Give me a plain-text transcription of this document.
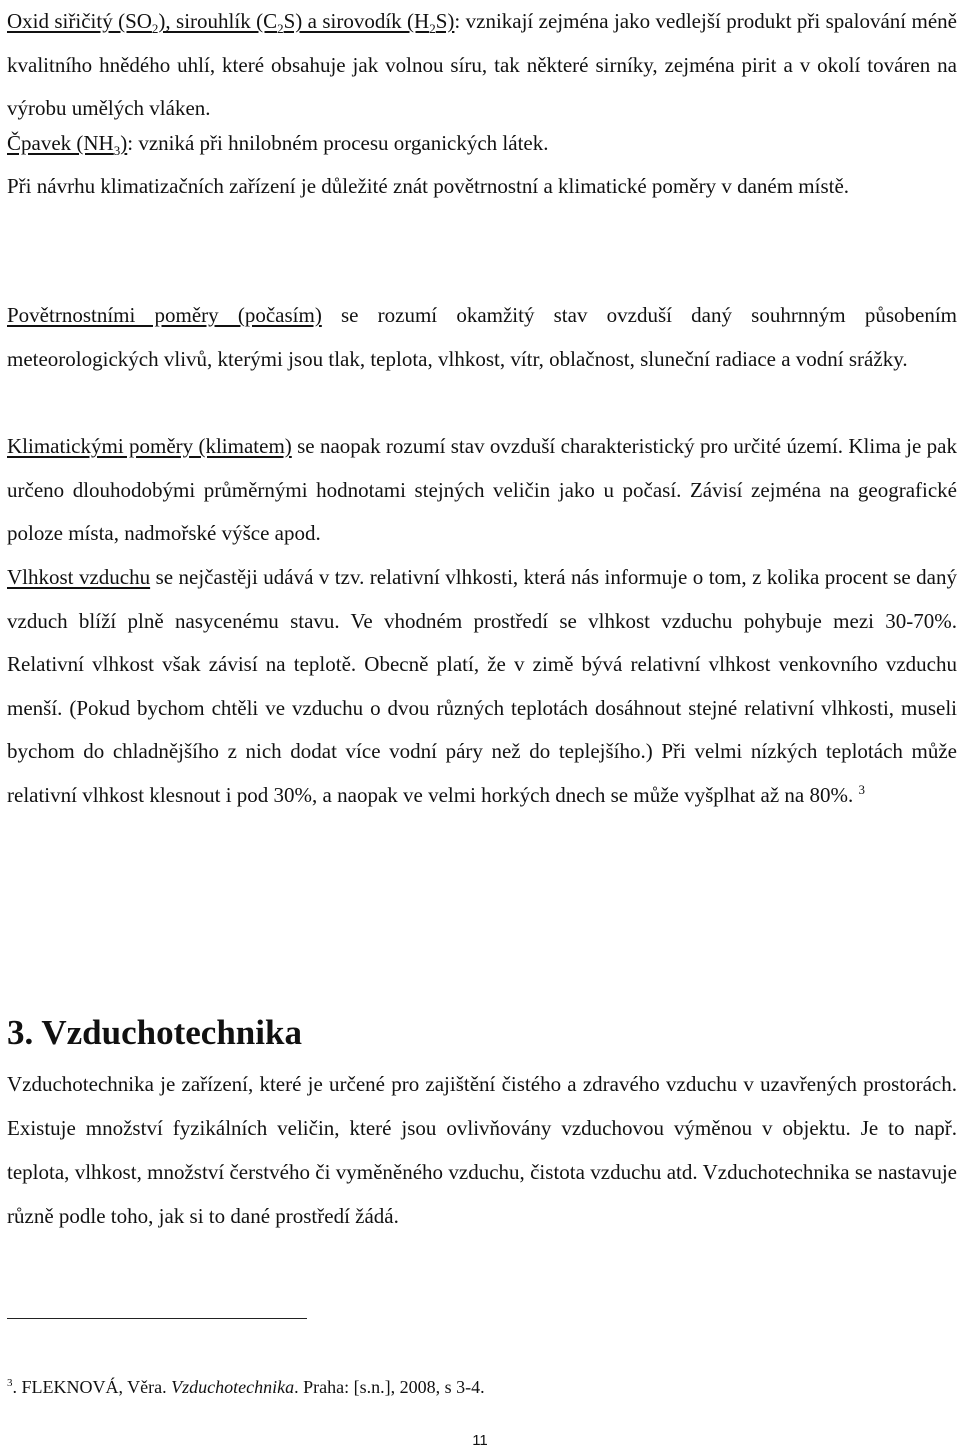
Oxid siřičitý $(SO_2)$, sirouhlík $(C_2S)$ a sirovodík $(H_2S)$: vznikají zejména jako vedlejší produkt při spalování méně kvalitního hnědého uhlí, které obsahuje jak volnou síru, tak některé sirníky, zejména pirit a v okolí továren na výrobu umělých vláken.

Čpavek $(NH_3)$: vzniká při hnilobném procesu organických látek.

Při návrhu klimatizačních zařízení je důležité znát povětrnostní a klimatické poměry v daném místě.

Povětrnostními poměry (počasím) se rozumí okamžitý stav ovzduší daný souhrnným působením meteorologických vlivů, kterými jsou tlak, teplota, vlhkost, vítr, oblačnost, sluneční radiace a vodní srážky.

Klimatickými poměry (klimatem) se naopak rozumí stav ovzduší charakteristický pro určité území. Klima je pak určeno dlouhodobými průměrnými hodnotami stejných veličin jako u počasí. Závisí zejména na geografické poloze místa, nadmořské výšce apod.

Vlhkost vzduchu se nejčastěji udává v tzv. relativní vlhkosti, která nás informuje o tom, z kolika procent se daný vzduch blíží plně nasycenému stavu. Ve vhodném prostředí se vlhkost vzduchu pohybuje mezi 30-70%. Relativní vlhkost však závisí na teplotě. Obecně platí, že v zimě bývá relativní vlhkost venkovního vzduchu menší. (Pokud bychom chtěli ve vzduchu o dvou různých teplotách dosáhnout stejné relativní vlhkosti, museli bychom do chladnějšího z nich dodat více vodní páry než do teplejšího.) Při velmi nízkých teplotách může relativní vlhkost klesnout i pod 30%, a naopak ve velmi horkých dnech se může vyšplhat až na 80%. $^3$

3. Vzduchotechnika

Vzduchotechnika je zařízení, které je určené pro zajištění čistého a zdravého vzduchu v uzavřených prostorách. Existuje množství fyzikálních veličin, které jsou ovlivňovány vzduchovou výměnou v objektu. Je to např. teplota, vlhkost, množství čerstvého či vyměněného vzduchu, čistota vzduchu atd. Vzduchotechnika se nastavuje různě podle toho, jak si to dané prostředí žádá.

$^3$. FLEKNOVÁ, Věra. Vzduchotechnika. Praha: [s.n.], 2008, s 3-4.

11
